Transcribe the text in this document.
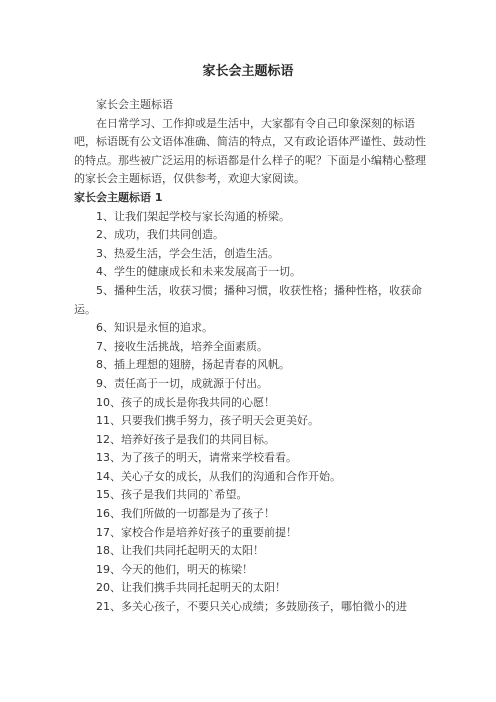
家长会主题标语

家长会主题标语

在日常学习、工作抑或是生活中，大家都有令自己印象深刻的标语吧，标语既有公文语体准确、简洁的特点，又有政论语体严谨性、鼓动性的特点。那些被广泛运用的标语都是什么样子的呢？下面是小编精心整理的家长会主题标语，仅供参考，欢迎大家阅读。

家长会主题标语 1

1、让我们架起学校与家长沟通的桥梁。

2、成功，我们共同创造。

3、热爱生活，学会生活，创造生活。

4、学生的健康成长和未来发展高于一切。

5、播种生活，收获习惯；播种习惯，收获性格；播种性格，收获命运。

6、知识是永恒的追求。

7、接收生活挑战，培养全面素质。

8、插上理想的翅膀，扬起青春的风帆。

9、责任高于一切，成就源于付出。

10、孩子的成长是你我共同的心愿！

11、只要我们携手努力，孩子明天会更美好。

12、培养好孩子是我们的共同目标。

13、为了孩子的明天，请常来学校看看。

14、关心子女的成长，从我们的沟通和合作开始。

15、孩子是我们共同的`希望。

16、我们所做的一切都是为了孩子！

17、家校合作是培养好孩子的重要前提！

18、让我们共同托起明天的太阳！

19、今天的他们，明天的栋梁！

20、让我们携手共同托起明天的太阳！

21、多关心孩子，不要只关心成绩；多鼓励孩子，哪怕微小的进
